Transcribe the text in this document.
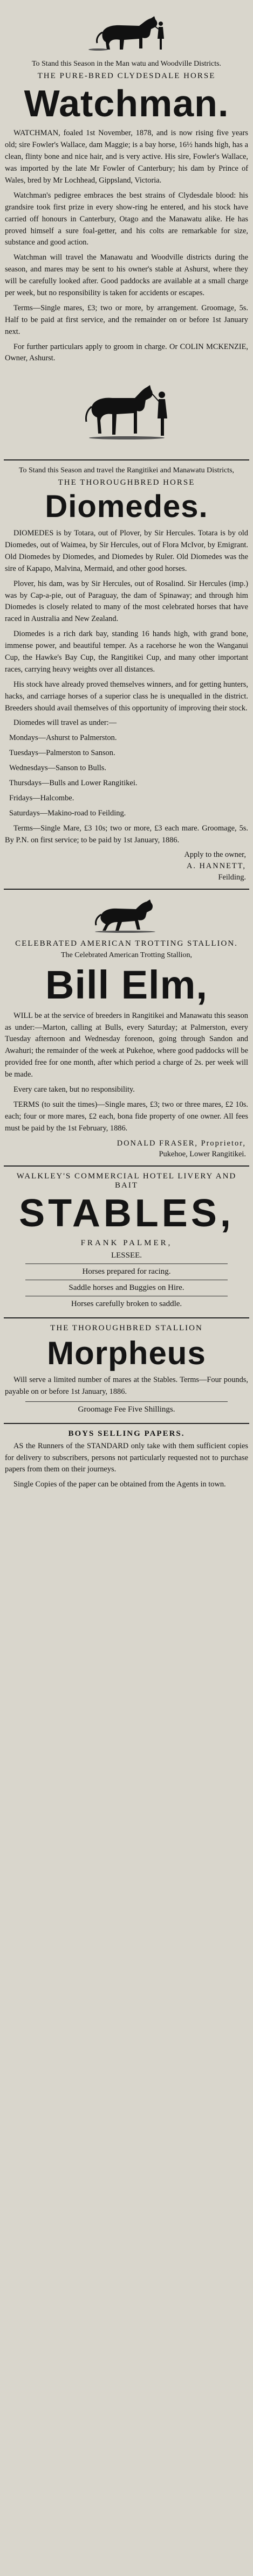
To Stand this Season in the Man watu and Woodville Districts.
THE PURE-BRED CLYDESDALE HORSE
Watchman.

WATCHMAN, foaled 1st November, 1878, and is now rising five years old; sire Fowler's Wallace, dam Maggie; is a bay horse, 16½ hands high, has a clean, flinty bone and nice hair, and is very active. His sire, Fowler's Wallace, was imported by the late Mr Fowler of Canterbury; his dam by Prince of Wales, bred by Mr Lochhead, Gippsland, Victoria.

Watchman's pedigree embraces the best strains of Clydesdale blood: his grandsire took first prize in every show-ring he entered, and his stock have carried off honours in Canterbury, Otago and the Manawatu alike. He has proved himself a sure foal-getter, and his colts are remarkable for size, substance and good action.

Watchman will travel the Manawatu and Woodville districts during the season, and mares may be sent to his owner's stable at Ashurst, where they will be carefully looked after. Good paddocks are available at a small charge per week, but no responsibility is taken for accidents or escapes.

Terms—Single mares, £3; two or more, by arrangement. Groomage, 5s. Half to be paid at first service, and the remainder on or before 1st January next.

For further particulars apply to groom in charge. Or COLIN MCKENZIE, Owner, Ashurst.

To Stand this Season and travel the Rangitikei and Manawatu Districts,
THE THOROUGHBRED HORSE
Diomedes.

DIOMEDES is by Totara, out of Plover, by Sir Hercules. Totara is by old Diomedes, out of Waimea, by Sir Hercules, out of Flora McIvor, by Emigrant. Old Diomedes by Diomedes, and Diomedes by Ruler. Old Diomedes was the sire of Kapapo, Malvina, Mermaid, and other good horses.

Plover, his dam, was by Sir Hercules, out of Rosalind. Sir Hercules (imp.) was by Cap-a-pie, out of Paraguay, the dam of Spinaway; and through him Diomedes is closely related to many of the most celebrated horses that have raced in Australia and New Zealand.

Diomedes is a rich dark bay, standing 16 hands high, with grand bone, immense power, and beautiful temper. As a racehorse he won the Wanganui Cup, the Hawke's Bay Cup, the Rangitikei Cup, and many other important races, carrying heavy weights over all distances.

His stock have already proved themselves winners, and for getting hunters, hacks, and carriage horses of a superior class he is unequalled in the district. Breeders should avail themselves of this opportunity of improving their stock.

Diomedes will travel as under:—

Mondays—Ashurst to Palmerston.

Tuesdays—Palmerston to Sanson.

Wednesdays—Sanson to Bulls.

Thursdays—Bulls and Lower Rangitikei.

Fridays—Halcombe.

Saturdays—Makino-road to Feilding.

Terms—Single Mare, £3 10s; two or more, £3 each mare. Groomage, 5s. By P.N. on first service; to be paid by 1st January, 1886.

Apply to the owner,
A. HANNETT,
Feilding.
CELEBRATED AMERICAN TROTTING STALLION.
The Celebrated American Trotting Stallion,
Bill Elm,

WILL be at the service of breeders in Rangitikei and Manawatu this season as under:—Marton, calling at Bulls, every Saturday; at Palmerston, every Tuesday afternoon and Wednesday forenoon, going through Sandon and Awahuri; the remainder of the week at Pukehoe, where good paddocks will be provided free for one month, after which period a charge of 2s. per week will be made.

Every care taken, but no responsibility.

TERMS (to suit the times)—Single mares, £3; two or three mares, £2 10s. each; four or more mares, £2 each, bona fide property of one owner. All fees must be paid by the 1st February, 1886.

DONALD FRASER, Proprietor,
Pukehoe, Lower Rangitikei.
WALKLEY'S COMMERCIAL HOTEL LIVERY AND BAIT
STABLES,
FRANK PALMER,
LESSEE.
Horses prepared for racing.
Saddle horses and Buggies on Hire.
Horses carefully broken to saddle.
THE THOROUGHBRED STALLION
Morpheus

Will serve a limited number of mares at the Stables. Terms—Four pounds, payable on or before 1st January, 1886.

Groomage Fee Five Shillings.
BOYS SELLING PAPERS.

AS the Runners of the STANDARD only take with them sufficient copies for delivery to subscribers, persons not particularly requested not to purchase papers from them on their journeys.

Single Copies of the paper can be obtained from the Agents in town.
